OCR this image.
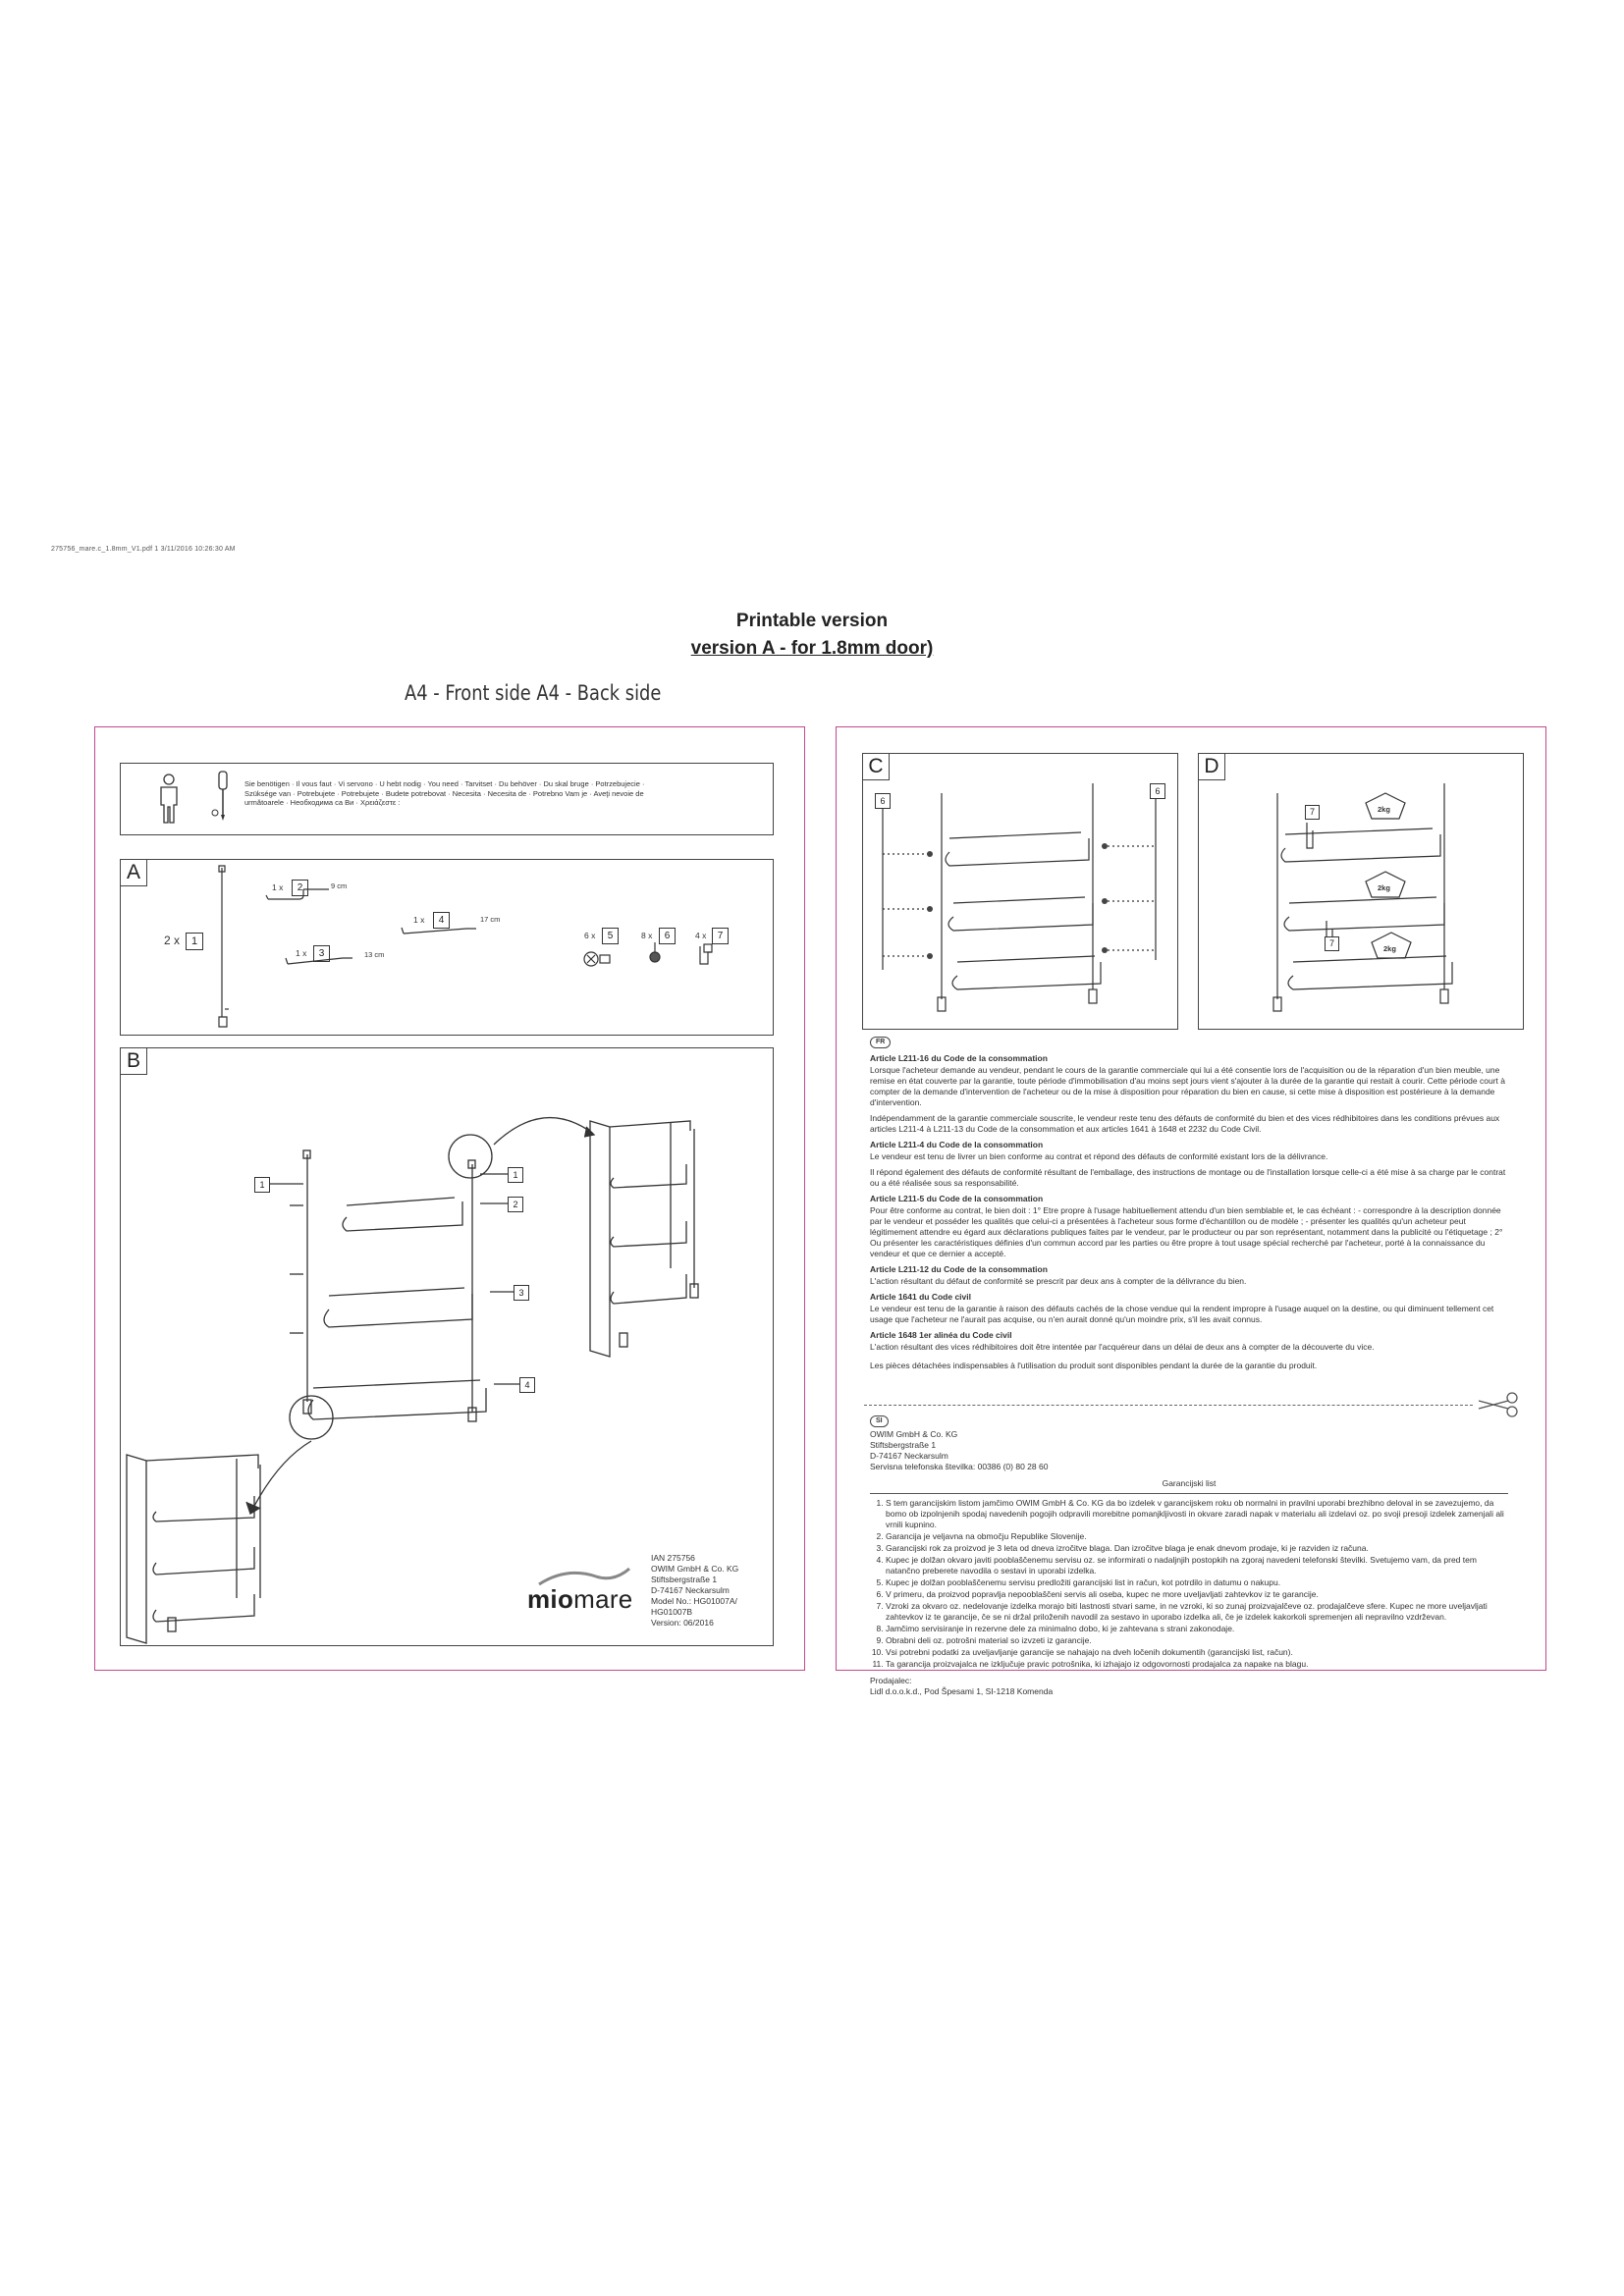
275756_mare.c_1.8mm_V1.pdf 1 3/11/2016 10:26:30 AM
Printable version
version A - for 1.8mm door)
A4 - Front side A4 - Back side
Sie benötigen · Il vous faut · Vi servono · U hebt nodig · You need · Tarvitset · Du behöver · Du skal bruge · Potrzebujecie · Szüksége van · Potrebujete · Potrebujete · Budete potrebovat · Necesita · Necesita de · Potrebno Vam je · Aveţi nevoie de următoarele · Необходима са Ви · Χρειάζεστε :
A
2 x	1
1 x	2	9 cm
1 x	3	13 cm
1 x	4	17 cm
6 x	5	8 x	6	4 x	7
B
1
1
2
3
4
miomare
IAN 275756
OWIM GmbH & Co. KG
Stiftsbergstraße 1
D-74167 Neckarsulm
Model No.: HG01007A/ HG01007B
Version: 06/2016
C
6
6
D
7
7
2kg
2kg
2kg
FR
Article L211-16 du Code de la consommation

Lorsque l'acheteur demande au vendeur, pendant le cours de la garantie commerciale qui lui a été consentie lors de l'acquisition ou de la réparation d'un bien meuble, une remise en état couverte par la garantie, toute période d'immobilisation d'au moins sept jours vient s'ajouter à la durée de la garantie qui restait à courir. Cette période court à compter de la demande d'intervention de l'acheteur ou de la mise à disposition pour réparation du bien en cause, si cette mise à disposition est postérieure à la demande d'intervention.

Indépendamment de la garantie commerciale souscrite, le vendeur reste tenu des défauts de conformité du bien et des vices rédhibitoires dans les conditions prévues aux articles L211-4 à L211-13 du Code de la consommation et aux articles 1641 à 1648 et 2232 du Code Civil.

Article L211-4 du Code de la consommation

Le vendeur est tenu de livrer un bien conforme au contrat et répond des défauts de conformité existant lors de la délivrance.

Il répond également des défauts de conformité résultant de l'emballage, des instructions de montage ou de l'installation lorsque celle-ci a été mise à sa charge par le contrat ou a été réalisée sous sa responsabilité.

Article L211-5 du Code de la consommation

Pour être conforme au contrat, le bien doit : 1° Etre propre à l'usage habituellement attendu d'un bien semblable et, le cas échéant : - correspondre à la description donnée par le vendeur et posséder les qualités que celui-ci a présentées à l'acheteur sous forme d'échantillon ou de modèle ; - présenter les qualités qu'un acheteur peut légitimement attendre eu égard aux déclarations publiques faites par le vendeur, par le producteur ou par son représentant, notamment dans la publicité ou l'étiquetage ; 2° Ou présenter les caractéristiques définies d'un commun accord par les parties ou être propre à tout usage spécial recherché par l'acheteur, porté à la connaissance du vendeur et que ce dernier a accepté.

Article L211-12 du Code de la consommation

L'action résultant du défaut de conformité se prescrit par deux ans à compter de la délivrance du bien.

Article 1641 du Code civil

Le vendeur est tenu de la garantie à raison des défauts cachés de la chose vendue qui la rendent impropre à l'usage auquel on la destine, ou qui diminuent tellement cet usage que l'acheteur ne l'aurait pas acquise, ou n'en aurait donné qu'un moindre prix, s'il les avait connus.

Article 1648 1er alinéa du Code civil

L'action résultant des vices rédhibitoires doit être intentée par l'acquéreur dans un délai de deux ans à compter de la découverte du vice.

Les pièces détachées indispensables à l'utilisation du produit sont disponibles pendant la durée de la garantie du produit.

SI
OWIM GmbH & Co. KG
Stiftsbergstraße 1
D-74167 Neckarsulm
Servisna telefonska številka: 00386 (0) 80 28 60
Garancijski list
1. S tem garancijskim listom jamčimo OWIM GmbH & Co. KG da bo izdelek v garancijskem roku ob normalni in pravilni uporabi brezhibno deloval in se zavezujemo, da bomo ob izpolnjenih spodaj navedenih pogojih odpravili morebitne pomanjkljivosti in okvare zaradi napak v materialu ali izdelavi oz. po svoji presoji izdelek zamenjali ali vrnili kupnino.
2. Garancija je veljavna na območju Republike Slovenije.
3. Garancijski rok za proizvod je 3 leta od dneva izročitve blaga. Dan izročitve blaga je enak dnevom prodaje, ki je razviden iz računa.
4. Kupec je dolžan okvaro javiti pooblaščenemu servisu oz. se informirati o nadaljnjih postopkih na zgoraj navedeni telefonski številki. Svetujemo vam, da pred tem natančno preberete navodila o sestavi in uporabi izdelka.
5. Kupec je dolžan pooblaščenemu servisu predložiti garancijski list in račun, kot potrdilo in datumu o nakupu.
6. V primeru, da proizvod popravlja nepooblaščeni servis ali oseba, kupec ne more uveljavljati zahtevkov iz te garancije.
7. Vzroki za okvaro oz. nedelovanje izdelka morajo biti lastnosti stvari same, in ne vzroki, ki so zunaj proizvajalčeve oz. prodajalčeve sfere. Kupec ne more uveljavljati zahtevkov iz te garancije, če se ni držal priloženih navodil za sestavo in uporabo izdelka ali, če je izdelek kakorkoli spremenjen ali nepravilno vzdrževan.
8. Jamčimo servisiranje in rezervne dele za minimalno dobo, ki je zahtevana s strani zakonodaje.
9. Obrabni deli oz. potrošni material so izvzeti iz garancije.
10. Vsi potrebni podatki za uveljavljanje garancije se nahajajo na dveh ločenih dokumentih (garancijski list, račun).
11. Ta garancija proizvajalca ne izključuje pravic potrošnika, ki izhajajo iz odgovornosti prodajalca za napake na blagu.
Prodajalec:
Lidl d.o.o.k.d., Pod Špesami 1, SI-1218 Komenda
